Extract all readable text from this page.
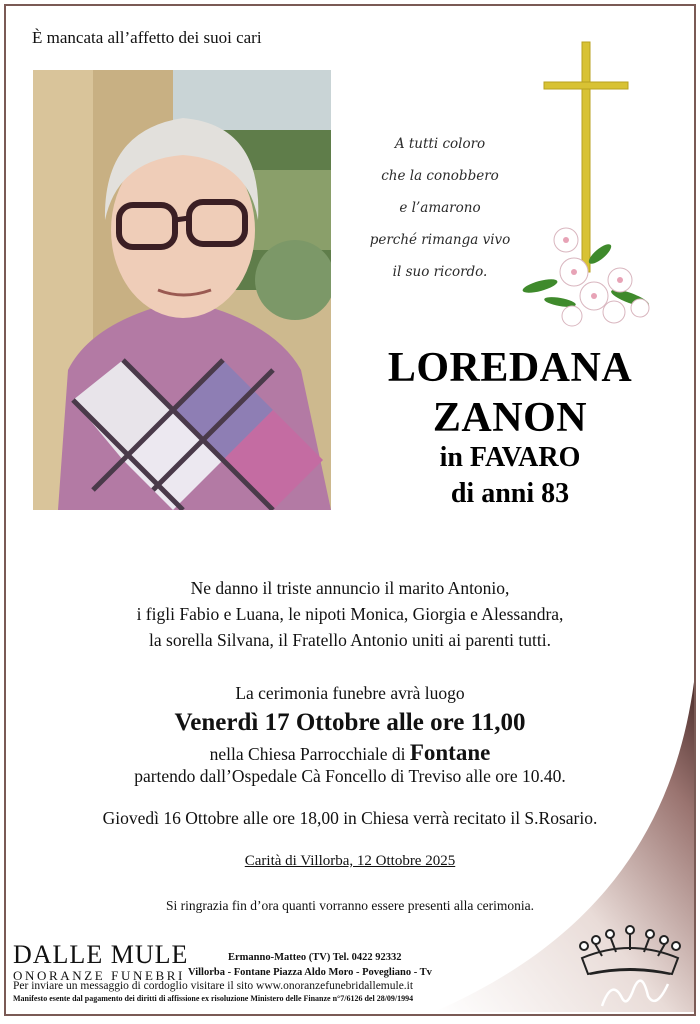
È mancata all’affetto dei suoi cari
A tutti coloro
che la conobbero
e l’amarono
perché rimanga vivo
il suo ricordo.
LOREDANA
ZANON
in FAVARO
di anni 83
Ne danno il triste annuncio il marito Antonio,
i figli Fabio e Luana, le nipoti Monica, Giorgia e Alessandra,
la sorella Silvana, il Fratello Antonio uniti ai parenti tutti.
La cerimonia funebre avrà luogo
Venerdì 17 Ottobre alle ore 11,00
nella Chiesa Parrocchiale di Fontane
partendo dall’Ospedale Cà Foncello di Treviso alle ore 10.40.
Giovedì 16 Ottobre alle ore 18,00 in Chiesa verrà recitato il S.Rosario.
Carità di Villorba, 12 Ottobre 2025
Si ringrazia fin d’ora quanti vorranno essere presenti alla cerimonia.
DALLE MULE
ONORANZE FUNEBRI
Ermanno-Matteo (TV) Tel. 0422 92332
Villorba - Fontane Piazza Aldo Moro - Povegliano - Tv
Per inviare un messaggio di cordoglio visitare il sito www.onoranzefunebridallemule.it
Manifesto esente dal pagamento dei diritti di affissione ex risoluzione Ministero delle Finanze n°7/6126 del 28/09/1994
